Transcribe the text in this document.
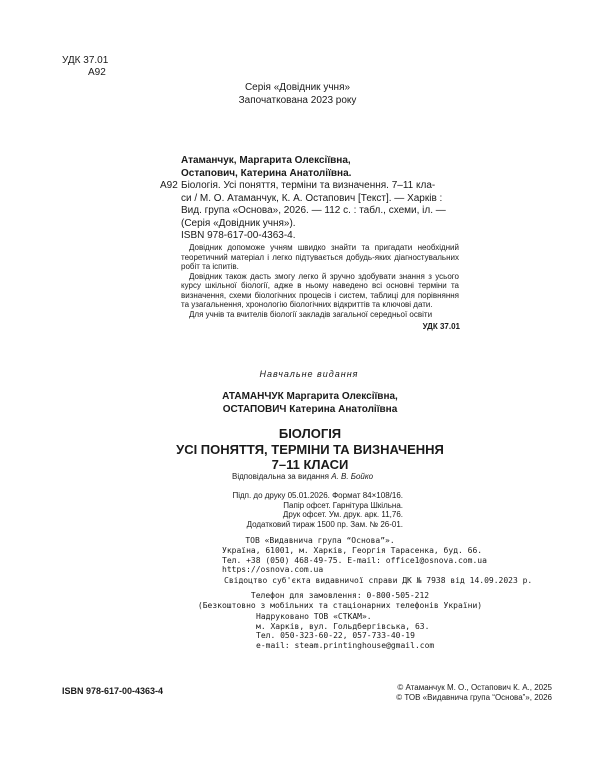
УДК 37.01
А92
Серія «Довідник учня»
Започаткована 2023 року
Атаманчук, Маргарита Олексіївна,
Остапович, Катерина Анатоліївна.
А92 Біологія. Усі поняття, терміни та визначення. 7–11 кла-
си / М. О. Атаманчук, К. А. Остапович [Текст]. — Харків :
Вид. група «Основа», 2026. — 112 с. : табл., схеми, іл. —
(Серія «Довідник учня»).
ISBN 978-617-00-4363-4.
Довідник допоможе учням швидко знайти та пригадати необхідний теоретичний матеріал і легко підтувається добудь-яких діагностувальних робіт та іспитів.
Довідник також дасть змогу легко й зручно здобувати знання з усього курсу шкільної біології, адже в ньому наведено всі основні терміни та визначення, схеми біологічних процесів і систем, таблиці для порівняння та узагальнення, хронологію біологічних відкриттів та ключові дати.
Для учнів та вчителів біології закладів загальної середньої освіти
УДК 37.01
Навчальне видання
АТАМАНЧУК Маргарита Олексіївна,
ОСТАПОВИЧ Катерина Анатоліївна
БІОЛОГІЯ
УСІ ПОНЯТТЯ, ТЕРМІНИ ТА ВИЗНАЧЕННЯ
7–11 КЛАСИ
Відповідальна за видання А. В. Бойко
Підп. до друку 05.01.2026. Формат 84×108/16.
Папір офсет. Гарнітура Шкільна.
Друк офсет. Ум. друк. арк. 11,76.
Додатковий тираж 1500 пр. Зам. № 26-01.
ТОВ «Видавнича група “Основа”».
Україна, 61001, м. Харків, Георгія Тарасенка, буд. 66.
Тел. +38 (050) 468-49-75. E-mail: office1@osnova.com.ua
https://osnova.com.ua
Свідоцтво суб'єкта видавничої справи ДК № 7938 від 14.09.2023 р.
Телефон для замовлення: 0-800-505-212
(Безкоштовно з мобільних та стаціонарних телефонів України)
Надруковано ТОВ «СТКАМ».
м. Харків, вул. Гольдбергівська, 63.
Тел. 050-323-60-22, 057-733-40-19
e-mail: steam.printinghouse@gmail.com
ISBN 978-617-00-4363-4	© Атаманчук М. О., Остапович К. А., 2025
© ТОВ «Видавнича група “Основа”», 2026
